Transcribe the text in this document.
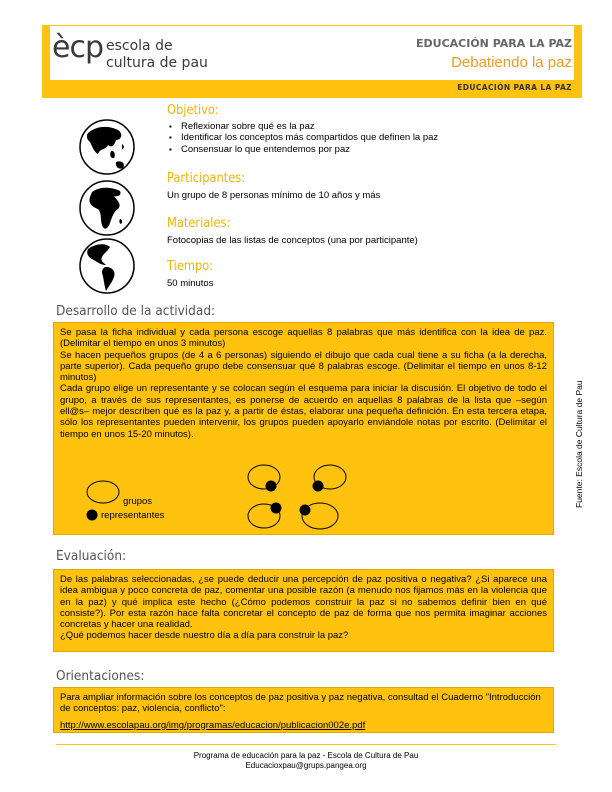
ècp escola de
cultura de pau
EDUCACIÓN PARA LA PAZ
Debatiendo la paz
EDUCACIÓN PARA LA PAZ
Objetivo:
▪ Reflexionar sobre qué es la paz
▪ Identificar los conceptos más compartidos que definen la paz
▪ Consensuar lo que entendemos por paz
Participantes:
Un grupo de 8 personas mínimo de 10 años y más
Materiales:
Fotocopias de las listas de conceptos (una por participante)
Tiempo:
50 minutos
Desarrollo de la actividad:
Se pasa la ficha individual y cada persona escoge aquellas 8 palabras que más identifica con la idea de paz. (Delimitar el tiempo en unos 3 minutos)
Se hacen pequeños grupos (de 4 a 6 personas) siguiendo el dibujo que cada cual tiene a su ficha (a la derecha, parte superior). Cada pequeño grupo debe consensuar qué 8 palabras escoge. (Delimitar el tiempo en unos 8-12 minutos)
Cada grupo elige un representante y se colocan según el esquema para iniciar la discusión. El objetivo de todo el grupo, a través de sus representantes, es ponerse de acuerdo en aquellas 8 palabras de la lista que –según ell@s– mejor describen qué es la paz y, a partir de éstas, elaborar una pequeña definición. En esta tercera etapa, sólo los representantes pueden intervenir, los grupos pueden apoyarlo enviándole notas por escrito. (Delimitar el tiempo en unos 15-20 minutos).
grupos
representantes
Fuente: Escola de Cultura de Pau
Evaluación:
De las palabras seleccionadas, ¿se puede deducir una percepción de paz positiva o negativa? ¿Si aparece una idea ambigua y poco concreta de paz, comentar una posible razón (a menudo nos fijamos más en la violencia que en la paz) y qué implica este hecho (¿Cómo podemos construir la paz si no sabemos definir bien en qué consiste?). Por esta razón hace falta concretar el concepto de paz de forma que nos permita imaginar acciones concretas y hacer una realidad.
¿Qué podemos hacer desde nuestro día a día para construir la paz?
Orientaciones:
Para ampliar información sobre los conceptos de paz positiva y paz negativa, consultad el Cuaderno "Introducción de conceptos: paz, violencia, conflicto":
http://www.escolapau.org/img/programas/educacion/publicacion002e.pdf
Programa de educación para la paz - Escola de Cultura de Pau
Educacioxpau@grups.pangea.org
